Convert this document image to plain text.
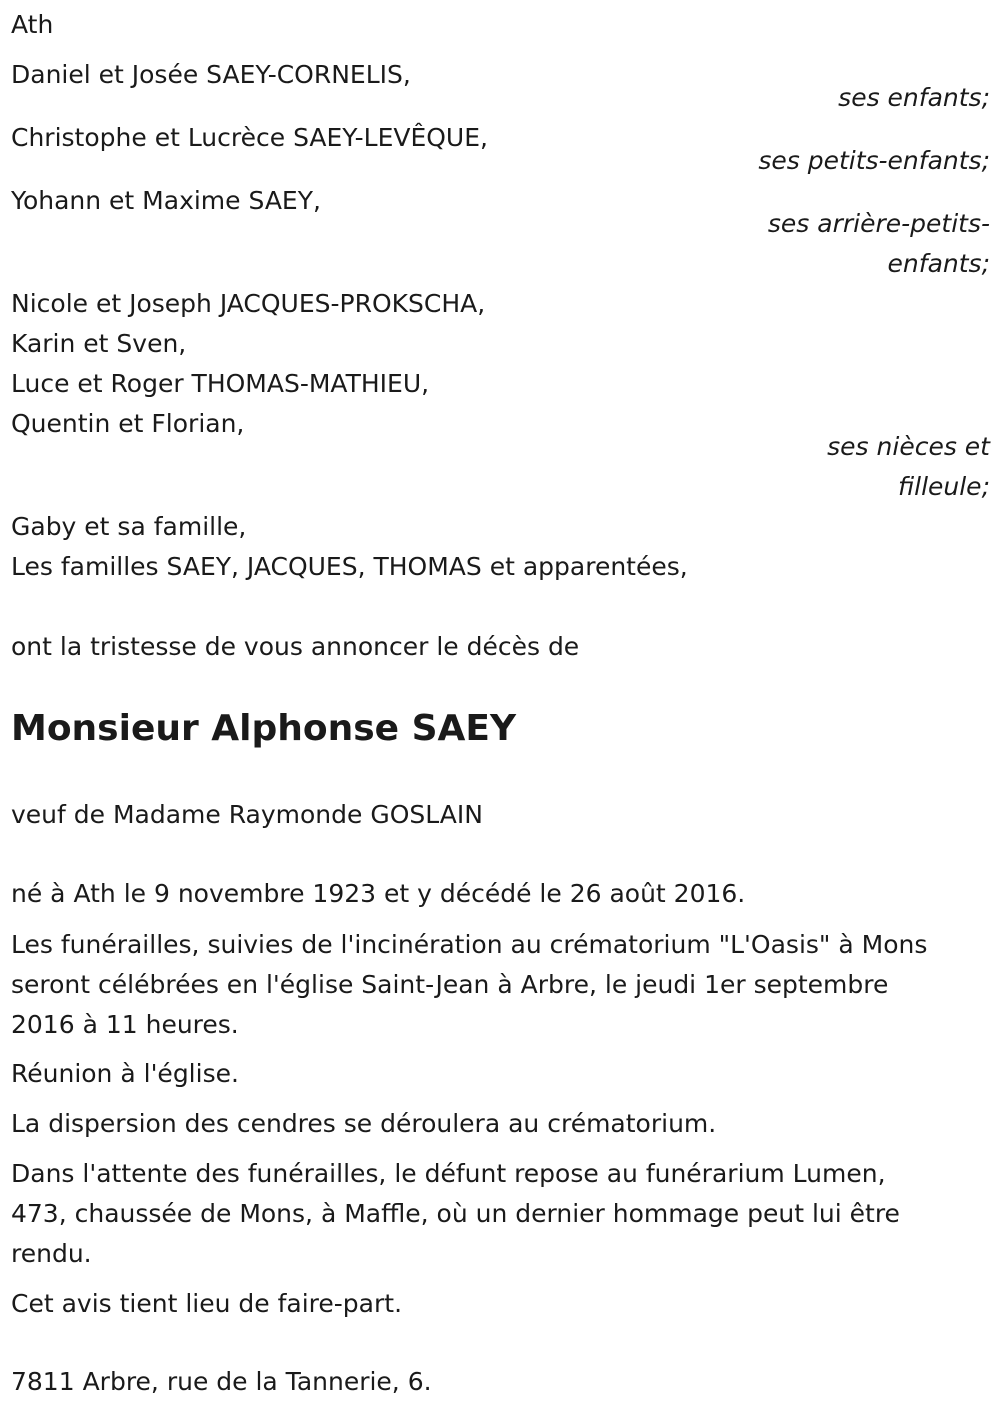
Ath
Daniel et Josée SAEY-CORNELIS,
ses enfants;
Christophe et Lucrèce SAEY-LEVÊQUE,
ses petits-enfants;
Yohann et Maxime SAEY,
ses arrière-petits-
enfants;
Nicole et Joseph JACQUES-PROKSCHA,
Karin et Sven,
Luce et Roger THOMAS-MATHIEU,
Quentin et Florian,
ses nièces et
filleule;
Gaby et sa famille,
Les familles SAEY, JACQUES, THOMAS et apparentées,
ont la tristesse de vous annoncer le décès de
Monsieur Alphonse SAEY
veuf de Madame Raymonde GOSLAIN
né à Ath le 9 novembre 1923 et y décédé le 26 août 2016.
Les funérailles, suivies de l'incinération au crématorium "L'Oasis" à Mons
seront célébrées en l'église Saint-Jean à Arbre, le jeudi 1er septembre
2016 à 11 heures.
Réunion à l'église.
La dispersion des cendres se déroulera au crématorium.
Dans l'attente des funérailles, le défunt repose au funérarium Lumen,
473, chaussée de Mons, à Maffle, où un dernier hommage peut lui être
rendu.
Cet avis tient lieu de faire-part.
7811 Arbre, rue de la Tannerie, 6.
